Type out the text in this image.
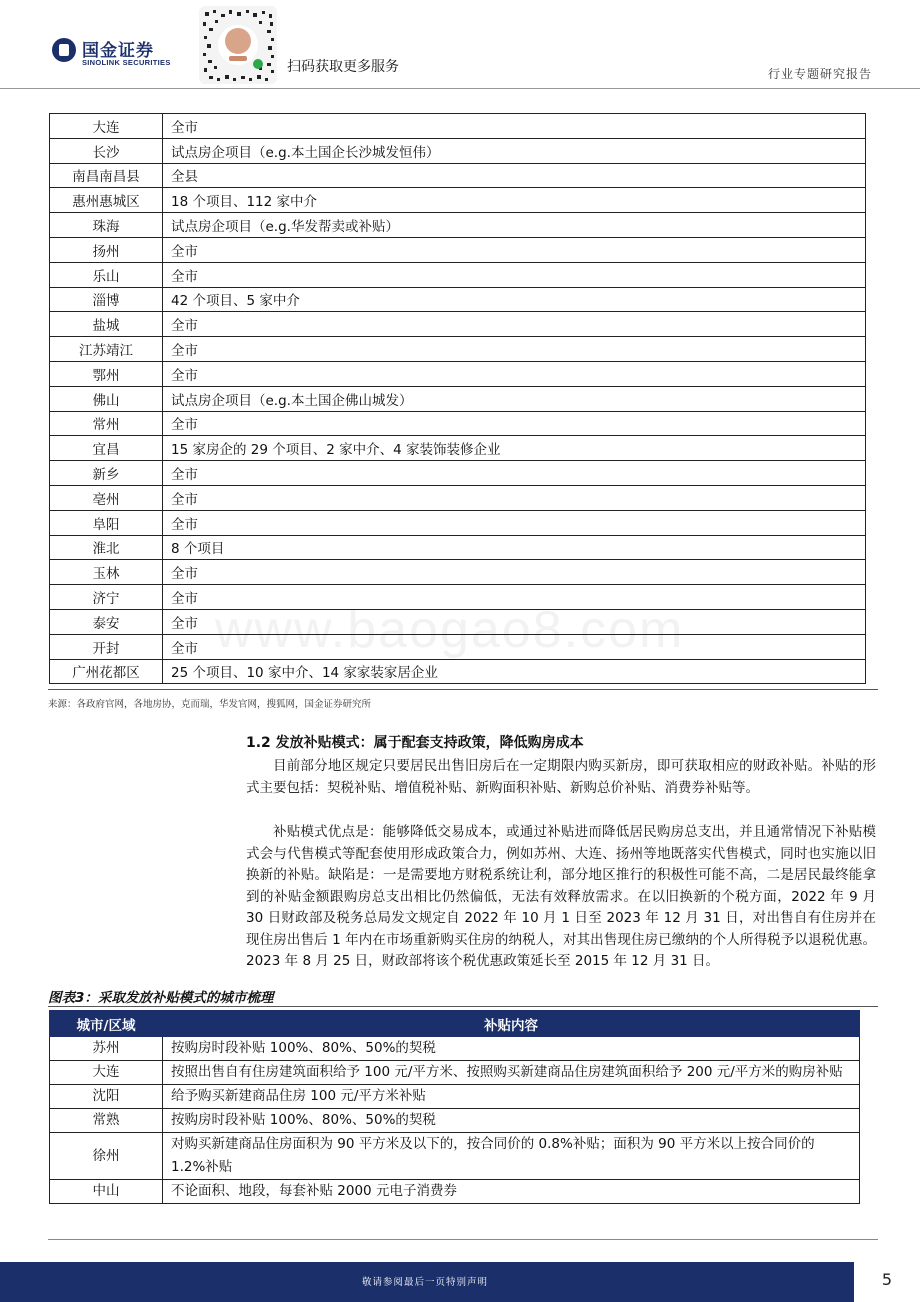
国金证券
SINOLINK SECURITIES	扫码获取更多服务	行业专题研究报告
www.baogao8.com
大连	全市
长沙	试点房企项目（e.g.本土国企长沙城发恒伟）
南昌南昌县	全县
惠州惠城区	18 个项目、112 家中介
珠海	试点房企项目（e.g.华发帮卖或补贴）
扬州	全市
乐山	全市
淄博	42 个项目、5 家中介
盐城	全市
江苏靖江	全市
鄂州	全市
佛山	试点房企项目（e.g.本土国企佛山城发）
常州	全市
宜昌	15 家房企的 29 个项目、2 家中介、4 家装饰装修企业
新乡	全市
亳州	全市
阜阳	全市
淮北	8 个项目
玉林	全市
济宁	全市
泰安	全市
开封	全市
广州花都区	25 个项目、10 家中介、14 家家装家居企业
来源：各政府官网，各地房协，克而瑞，华发官网，搜狐网，国金证券研究所
1.2 发放补贴模式：属于配套支持政策，降低购房成本

目前部分地区规定只要居民出售旧房后在一定期限内购买新房，即可获取相应的财政补贴。补贴的形式主要包括：契税补贴、增值税补贴、新购面积补贴、新购总价补贴、消费券补贴等。

补贴模式优点是：能够降低交易成本，或通过补贴进而降低居民购房总支出，并且通常情况下补贴模式会与代售模式等配套使用形成政策合力，例如苏州、大连、扬州等地既落实代售模式，同时也实施以旧换新的补贴。缺陷是：一是需要地方财税系统让利，部分地区推行的积极性可能不高，二是居民最终能拿到的补贴金额跟购房总支出相比仍然偏低，无法有效释放需求。在以旧换新的个税方面，2022 年 9 月 30 日财政部及税务总局发文规定自 2022 年 10 月 1 日至 2023 年 12 月 31 日，对出售自有住房并在现住房出售后 1 年内在市场重新购买住房的纳税人，对其出售现住房已缴纳的个人所得税予以退税优惠。2023 年 8 月 25 日，财政部将该个税优惠政策延长至 2015 年 12 月 31 日。

图表3：采取发放补贴模式的城市梳理
城市/区域	补贴内容
苏州	按购房时段补贴 100%、80%、50%的契税
大连	按照出售自有住房建筑面积给予 100 元/平方米、按照购买新建商品住房建筑面积给予 200 元/平方米的购房补贴
沈阳	给予购买新建商品住房 100 元/平方米补贴
常熟	按购房时段补贴 100%、80%、50%的契税
徐州	对购买新建商品住房面积为 90 平方米及以下的，按合同价的 0.8%补贴；面积为 90 平方米以上按合同价的 1.2%补贴
中山	不论面积、地段，每套补贴 2000 元电子消费券
敬请参阅最后一页特别声明	5
